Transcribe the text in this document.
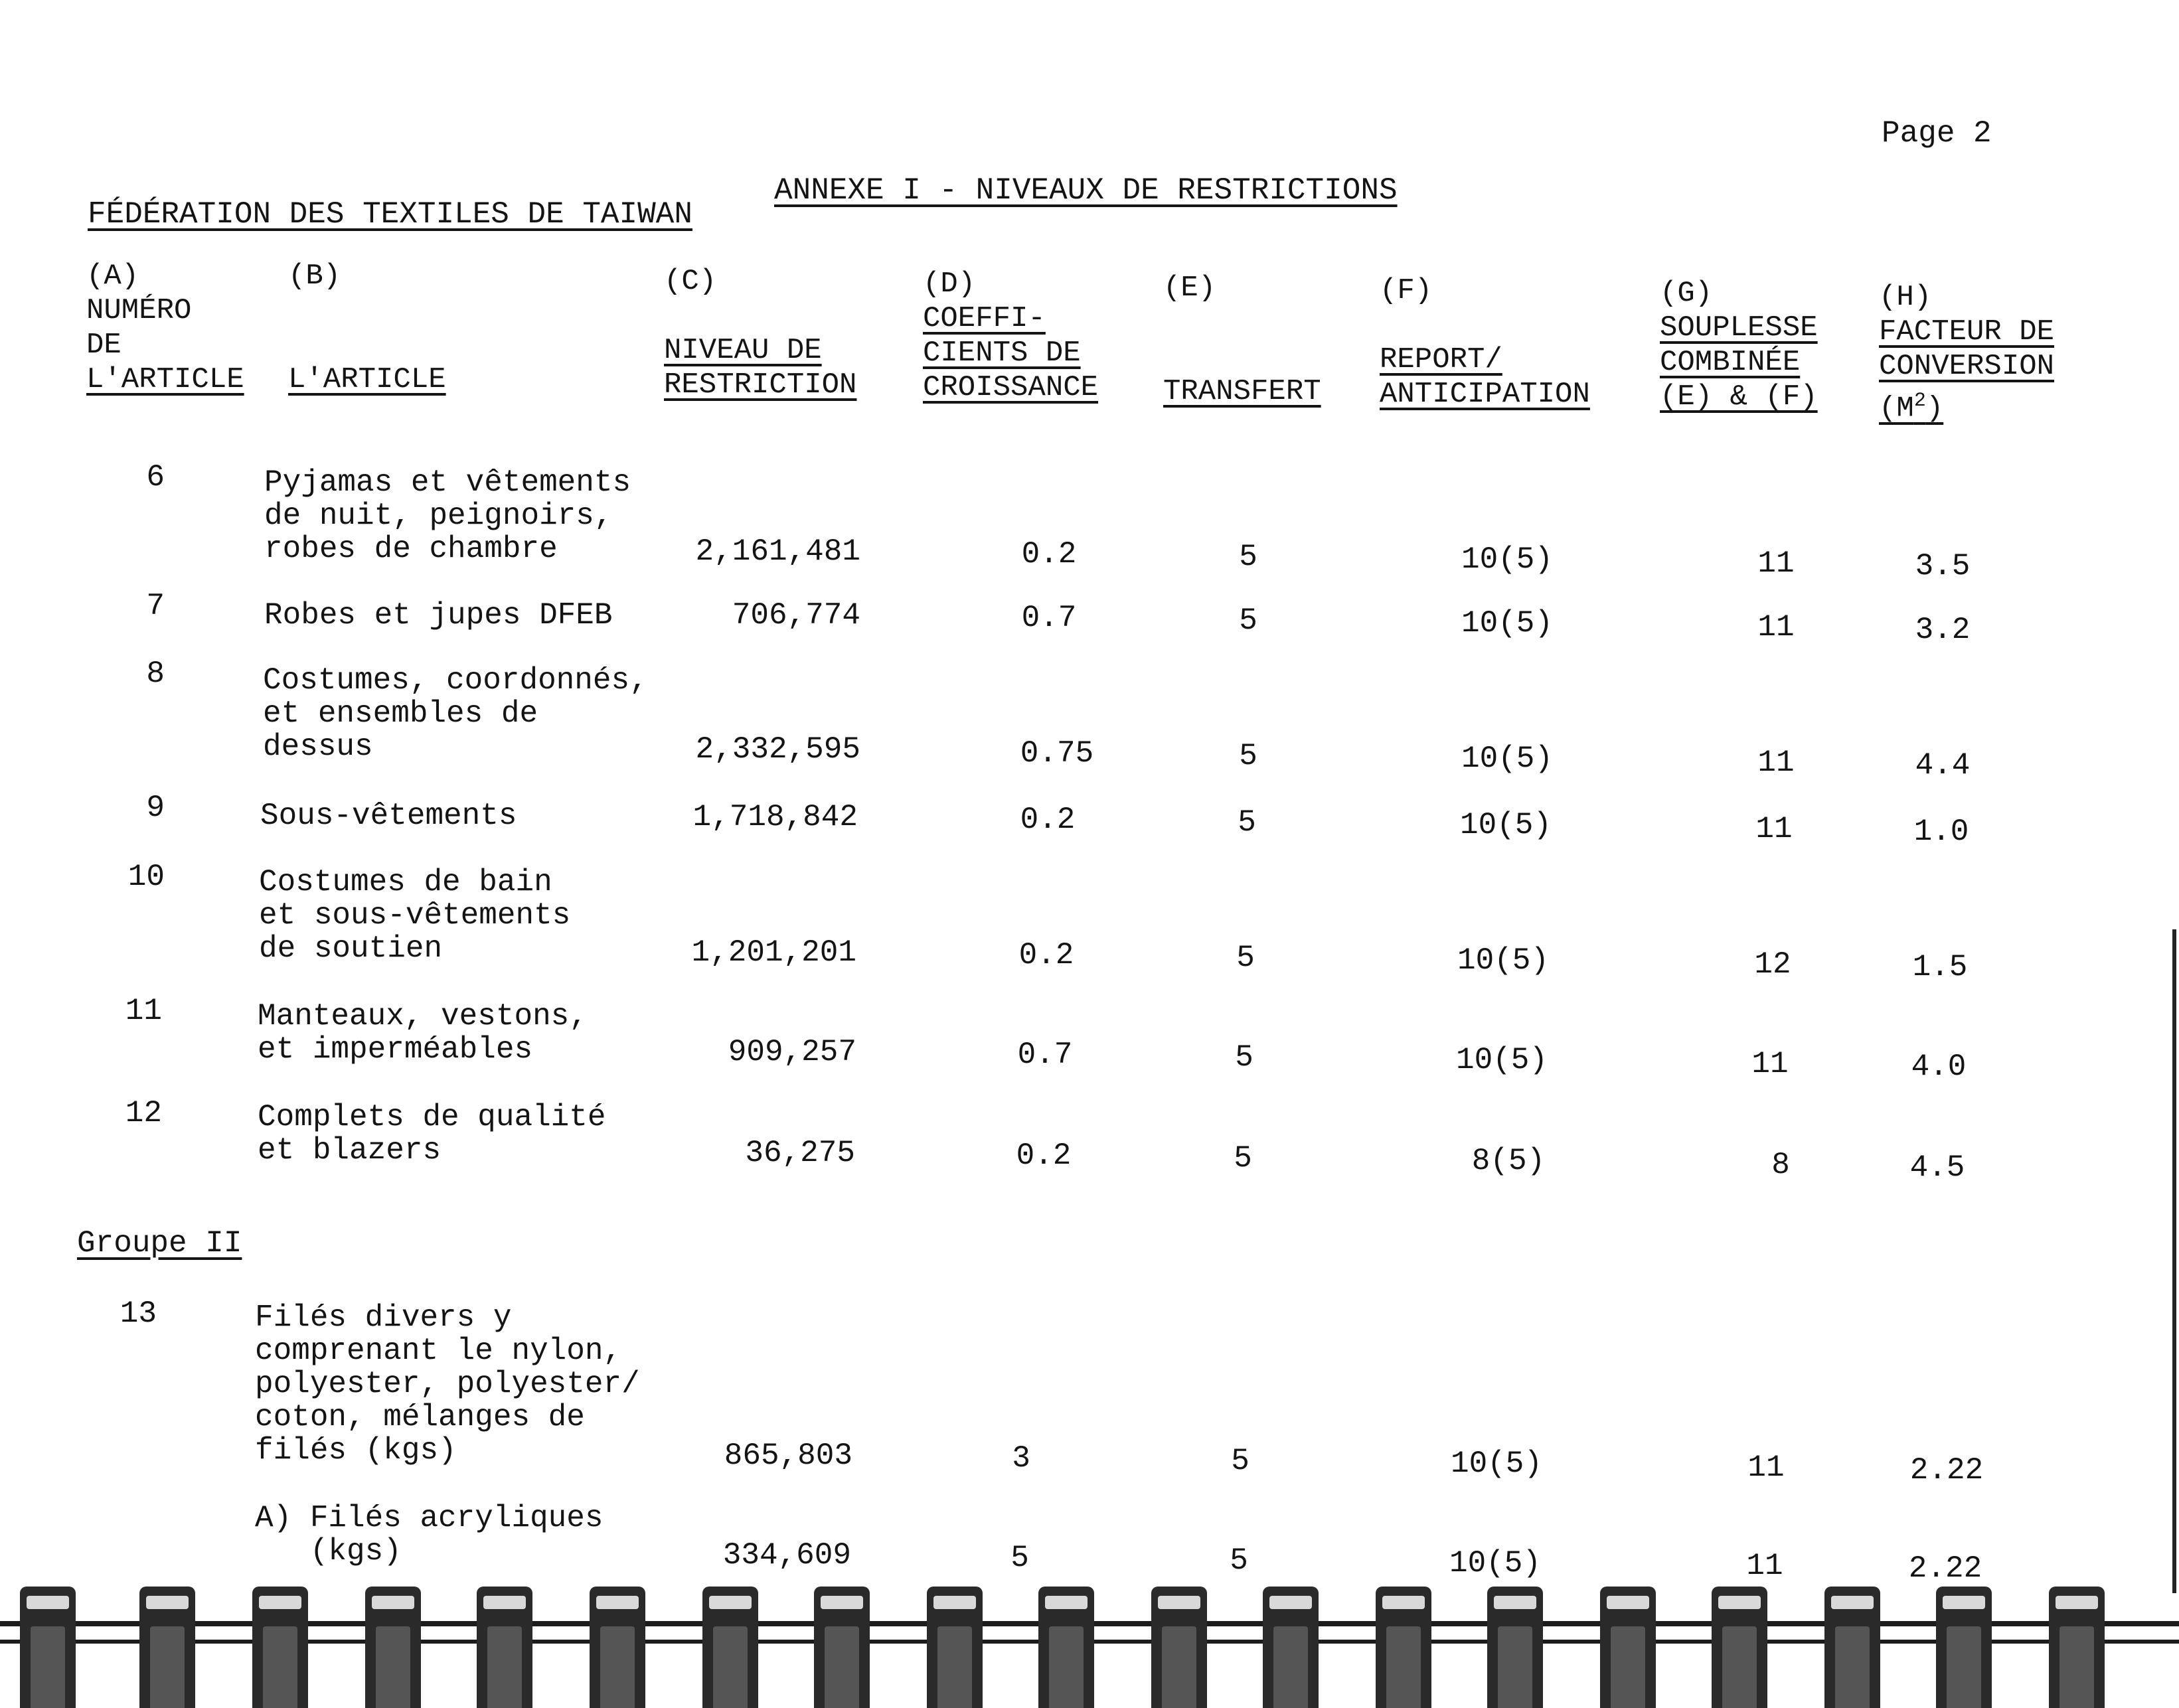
Page 2
ANNEXE I - NIVEAUX DE RESTRICTIONS
FÉDÉRATION DES TEXTILES DE TAIWAN
(A)
NUMÉRO
DE
L'ARTICLE
(B)

L'ARTICLE
(C)

NIVEAU DE
RESTRICTION
(D)
COEFFI-
CIENTS DE
CROISSANCE
(E)

TRANSFERT
(F)

REPORT/
ANTICIPATION
(G)
SOUPLESSE
COMBINÉE
(E) & (F)
(H)
FACTEUR DE
CONVERSION
$(M^2)$
6	Pyjamas et vêtements
de nuit, peignoirs,
robes de chambre	2,161,481	0.2	5	10(5)	11	3.5
7	Robes et jupes DFEB	706,774	0.7	5	10(5)	11	3.2
8	Costumes, coordonnés,
et ensembles de
dessus	2,332,595	0.75	5	10(5)	11	4.4
9	Sous-vêtements	1,718,842	0.2	5	10(5)	11	1.0
10	Costumes de bain
et sous-vêtements
de soutien	1,201,201	0.2	5	10(5)	12	1.5
11	Manteaux, vestons,
et imperméables	909,257	0.7	5	10(5)	11	4.0
12	Complets de qualité
et blazers	36,275	0.2	5	8(5)	8	4.5
Groupe II
13	Filés divers y
comprenant le nylon,
polyester, polyester/
coton, mélanges de
filés (kgs)	865,803	3	5	10(5)	11	2.22
A) Filés acryliques
(kgs)	334,609	5	5	10(5)	11	2.22
